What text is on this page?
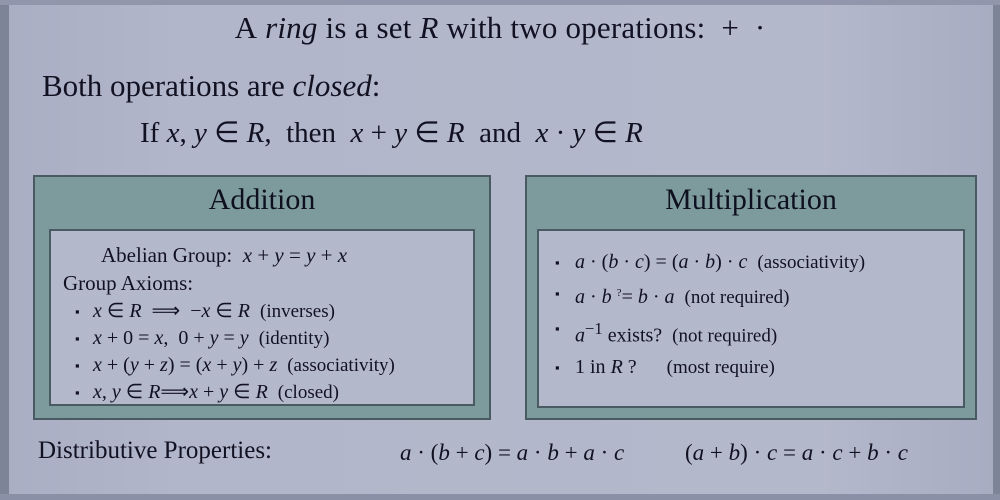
A ring is a set R with two operations:  +  ·
Both operations are closed:
If x, y ∈ R,  then  x + y ∈ R  and  x · y ∈ R
Addition
Abelian Group:  x + y = y + x
Group Axioms:
▪ x ∈ R  ⟹  −x ∈ R (inverses)
▪ x + 0 = x,  0 + y = y (identity)
▪ x + (y + z) = (x + y) + z (associativity)
▪ x, y ∈ R⟹x + y ∈ R (closed)
Multiplication
▪ a · (b · c) = (a · b) · c (associativity)
▪ a · b ?= b · a (not required)
▪ $a^{-1}$ exists?  (not required)
▪ 1 in R ?      (most require)
Distributive Properties:	a · (b + c) = a · b + a · c	(a + b) · c = a · c + b · c
